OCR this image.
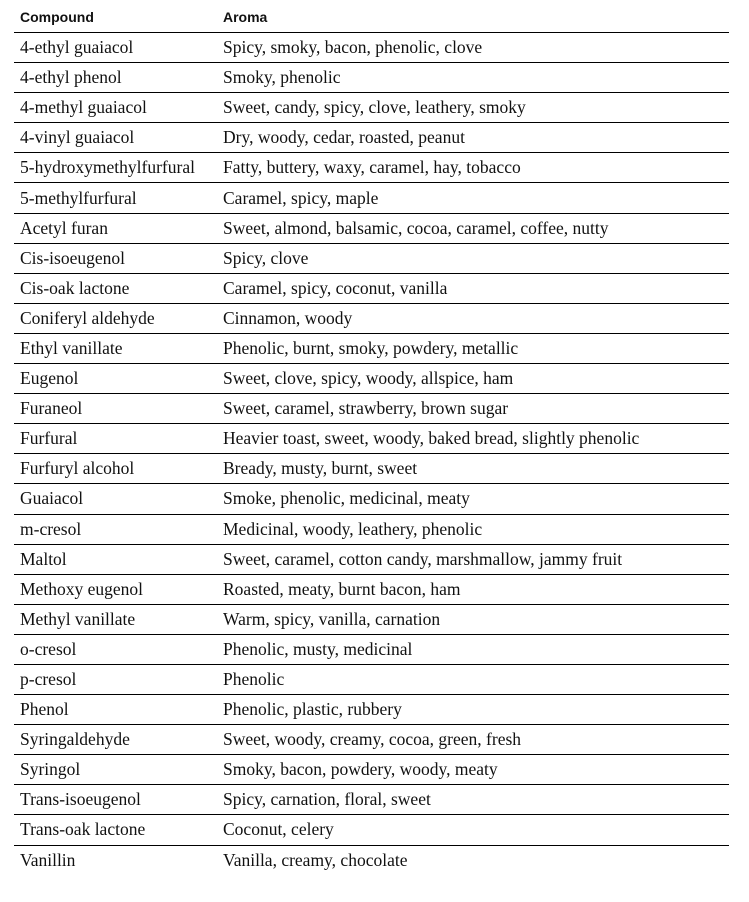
Compound	Aroma
4-ethyl guaiacol	Spicy, smoky, bacon, phenolic, clove
4-ethyl phenol	Smoky, phenolic
4-methyl guaiacol	Sweet, candy, spicy, clove, leathery, smoky
4-vinyl guaiacol	Dry, woody, cedar, roasted, peanut
5-hydroxymethylfurfural	Fatty, buttery, waxy, caramel, hay, tobacco
5-methylfurfural	Caramel, spicy, maple
Acetyl furan	Sweet, almond, balsamic, cocoa, caramel, coffee, nutty
Cis-isoeugenol	Spicy, clove
Cis-oak lactone	Caramel, spicy, coconut, vanilla
Coniferyl aldehyde	Cinnamon, woody
Ethyl vanillate	Phenolic, burnt, smoky, powdery, metallic
Eugenol	Sweet, clove, spicy, woody, allspice, ham
Furaneol	Sweet, caramel, strawberry, brown sugar
Furfural	Heavier toast, sweet, woody, baked bread, slightly phenolic
Furfuryl alcohol	Bready, musty, burnt, sweet
Guaiacol	Smoke, phenolic, medicinal, meaty
m-cresol	Medicinal, woody, leathery, phenolic
Maltol	Sweet, caramel, cotton candy, marshmallow, jammy fruit
Methoxy eugenol	Roasted, meaty, burnt bacon, ham
Methyl vanillate	Warm, spicy, vanilla, carnation
o-cresol	Phenolic, musty, medicinal
p-cresol	Phenolic
Phenol	Phenolic, plastic, rubbery
Syringaldehyde	Sweet, woody, creamy, cocoa, green, fresh
Syringol	Smoky, bacon, powdery, woody, meaty
Trans-isoeugenol	Spicy, carnation, floral, sweet
Trans-oak lactone	Coconut, celery
Vanillin	Vanilla, creamy, chocolate
